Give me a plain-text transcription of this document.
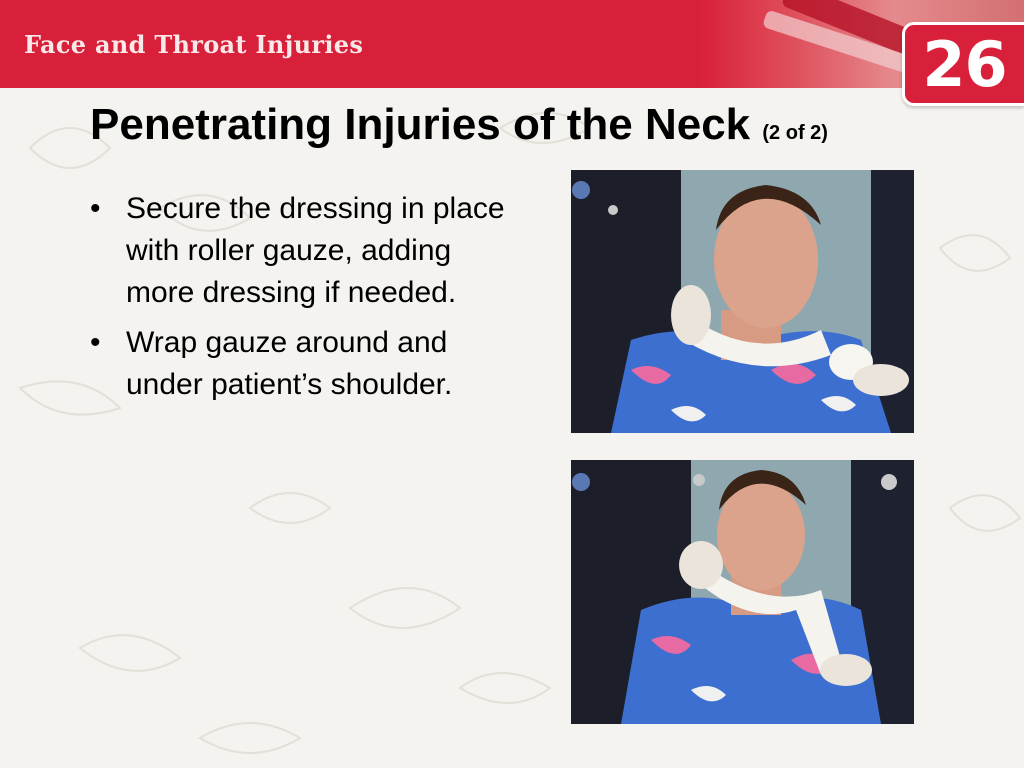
Face and Throat Injuries	26
Penetrating Injuries of the Neck (2 of 2)
• Secure the dressing in place with roller gauze, adding more dressing if needed.
• Wrap gauze around and under patient’s shoulder.
